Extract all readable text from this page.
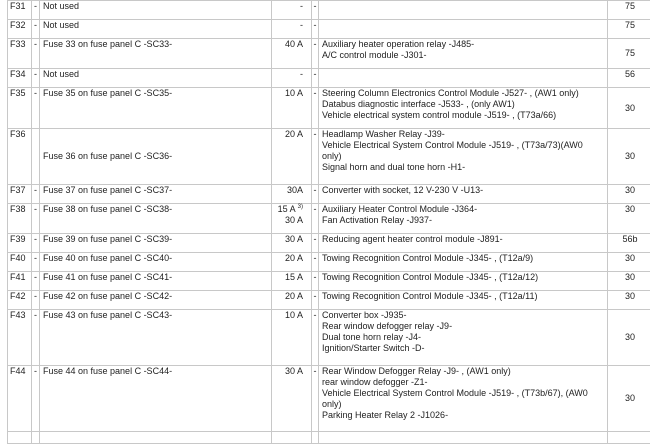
F31	-	Not used	-	-		75
F32	-	Not used	-	-		75
F33	-	Fuse 33 on fuse panel C -SC33-	40 A	-	Auxiliary heater operation relay -J485-
A/C control module -J301-	75
F34	-	Not used	-	-		56
F35	-	Fuse 35 on fuse panel C -SC35-	10 A	-	Steering Column Electronics Control Module -J527- , (AW1 only)
Databus diagnostic interface -J533- , (only AW1)
Vehicle electrical system control module -J519- , (T73a/66)	30
F36		Fuse 36 on fuse panel C -SC36-	20 A	-	Headlamp Washer Relay -J39-
Vehicle Electrical System Control Module -J519- , (T73a/73)(AW0
only)
Signal horn and dual tone horn -H1-	30
F37	-	Fuse 37 on fuse panel C -SC37-	30A	-	Converter with socket, 12 V-230 V -U13-	30
F38	-	Fuse 38 on fuse panel C -SC38-	15 A $^{3)}$
30 A	-	Auxiliary Heater Control Module -J364-
Fan Activation Relay -J937-	30
F39	-	Fuse 39 on fuse panel C -SC39-	30 A	-	Reducing agent heater control module -J891-	56b
F40	-	Fuse 40 on fuse panel C -SC40-	20 A	-	Towing Recognition Control Module -J345- , (T12a/9)	30
F41	-	Fuse 41 on fuse panel C -SC41-	15 A	-	Towing Recognition Control Module -J345- , (T12a/12)	30
F42	-	Fuse 42 on fuse panel C -SC42-	20 A	-	Towing Recognition Control Module -J345- , (T12a/11)	30
F43	-	Fuse 43 on fuse panel C -SC43-	10 A	-	Converter box -J935-
Rear window defogger relay -J9-
Dual tone horn relay -J4-
Ignition/Starter Switch -D-	30
F44	-	Fuse 44 on fuse panel C -SC44-	30 A	-	Rear Window Defogger Relay -J9- , (AW1 only)
rear window defogger -Z1-
Vehicle Electrical System Control Module -J519- , (T73b/67), (AW0
only)
Parking Heater Relay 2 -J1026-	30
